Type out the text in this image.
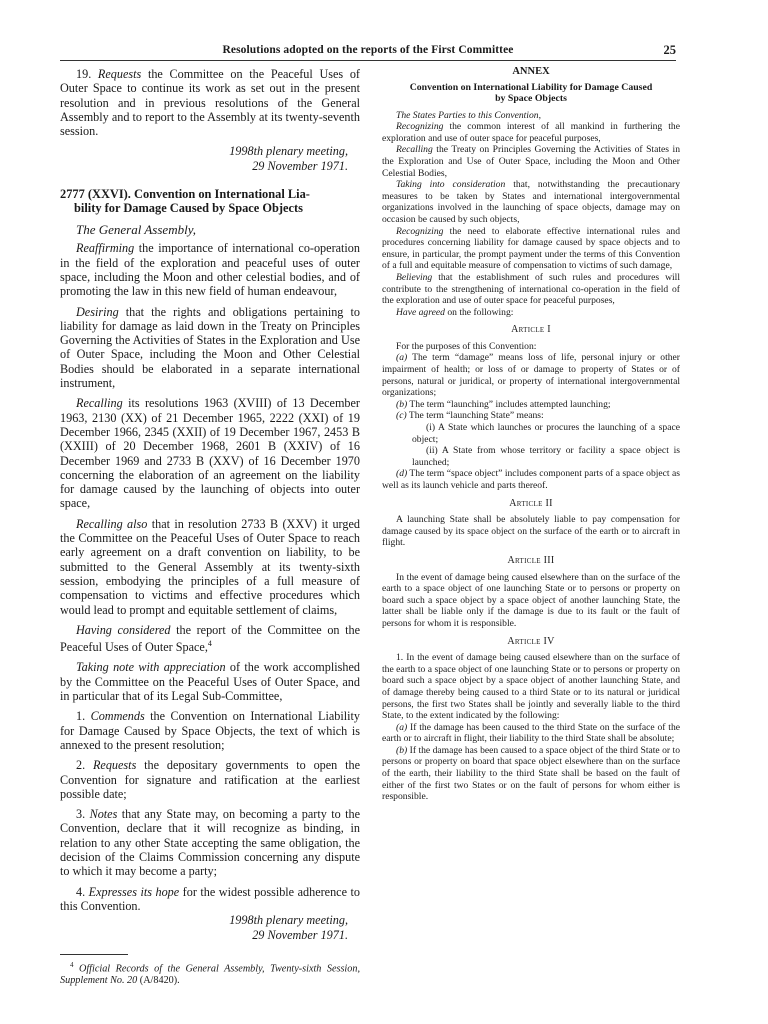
Resolutions adopted on the reports of the First Committee	25

19. Requests the Committee on the Peaceful Uses of Outer Space to continue its work as set out in the present resolution and in previous resolutions of the General Assembly and to report to the Assembly at its twenty-seventh session.

1998th plenary meeting,
29 November 1971.

2777 (XXVI). Convention on International Lia-
bility for Damage Caused by Space Objects

The General Assembly,

Reaffirming the importance of international co-operation in the field of the exploration and peaceful uses of outer space, including the Moon and other celestial bodies, and of promoting the law in this new field of human endeavour,

Desiring that the rights and obligations pertaining to liability for damage as laid down in the Treaty on Principles Governing the Activities of States in the Exploration and Use of Outer Space, including the Moon and Other Celestial Bodies should be elaborated in a separate international instrument,

Recalling its resolutions 1963 (XVIII) of 13 December 1963, 2130 (XX) of 21 December 1965, 2222 (XXI) of 19 December 1966, 2345 (XXII) of 19 December 1967, 2453 B (XXIII) of 20 December 1968, 2601 B (XXIV) of 16 December 1969 and 2733 B (XXV) of 16 December 1970 concerning the elaboration of an agreement on the liability for damage caused by the launching of objects into outer space,

Recalling also that in resolution 2733 B (XXV) it urged the Committee on the Peaceful Uses of Outer Space to reach early agreement on a draft convention on liability, to be submitted to the General Assembly at its twenty-sixth session, embodying the principles of a full measure of compensation to victims and effective procedures which would lead to prompt and equitable settlement of claims,

Having considered the report of the Committee on the Peaceful Uses of Outer Space,$^4$

Taking note with appreciation of the work accomplished by the Committee on the Peaceful Uses of Outer Space, and in particular that of its Legal Sub-Committee,

1. Commends the Convention on International Liability for Damage Caused by Space Objects, the text of which is annexed to the present resolution;

2. Requests the depositary governments to open the Convention for signature and ratification at the earliest possible date;

3. Notes that any State may, on becoming a party to the Convention, declare that it will recognize as binding, in relation to any other State accepting the same obligation, the decision of the Claims Commission concerning any dispute to which it may become a party;

4. Expresses its hope for the widest possible adherence to this Convention.

1998th plenary meeting,
29 November 1971.

$^4$ Official Records of the General Assembly, Twenty-sixth Session, Supplement No. 20 (A/8420).

ANNEX

Convention on International Liability for Damage Caused
by Space Objects

The States Parties to this Convention,

Recognizing the common interest of all mankind in furthering the exploration and use of outer space for peaceful purposes,

Recalling the Treaty on Principles Governing the Activities of States in the Exploration and Use of Outer Space, including the Moon and Other Celestial Bodies,

Taking into consideration that, notwithstanding the precautionary measures to be taken by States and international intergovernmental organizations involved in the launching of space objects, damage may on occasion be caused by such objects,

Recognizing the need to elaborate effective international rules and procedures concerning liability for damage caused by space objects and to ensure, in particular, the prompt payment under the terms of this Convention of a full and equitable measure of compensation to victims of such damage,

Believing that the establishment of such rules and procedures will contribute to the strengthening of international co-operation in the field of the exploration and use of outer space for peaceful purposes,

Have agreed on the following:

Article I

For the purposes of this Convention:

(a) The term “damage” means loss of life, personal injury or other impairment of health; or loss of or damage to property of States or of persons, natural or juridical, or property of international intergovernmental organizations;

(b) The term “launching” includes attempted launching;

(c) The term “launching State” means:

(i) A State which launches or procures the launching of a space object;

(ii) A State from whose territory or facility a space object is launched;

(d) The term “space object” includes component parts of a space object as well as its launch vehicle and parts thereof.

Article II

A launching State shall be absolutely liable to pay compensation for damage caused by its space object on the surface of the earth or to aircraft in flight.

Article III

In the event of damage being caused elsewhere than on the surface of the earth to a space object of one launching State or to persons or property on board such a space object by a space object of another launching State, the latter shall be liable only if the damage is due to its fault or the fault of persons for whom it is responsible.

Article IV

1. In the event of damage being caused elsewhere than on the surface of the earth to a space object of one launching State or to persons or property on board such a space object by a space object of another launching State, and of damage thereby being caused to a third State or to its natural or juridical persons, the first two States shall be jointly and severally liable to the third State, to the extent indicated by the following:

(a) If the damage has been caused to the third State on the surface of the earth or to aircraft in flight, their liability to the third State shall be absolute;

(b) If the damage has been caused to a space object of the third State or to persons or property on board that space object elsewhere than on the surface of the earth, their liability to the third State shall be based on the fault of either of the first two States or on the fault of persons for whom either is responsible.
